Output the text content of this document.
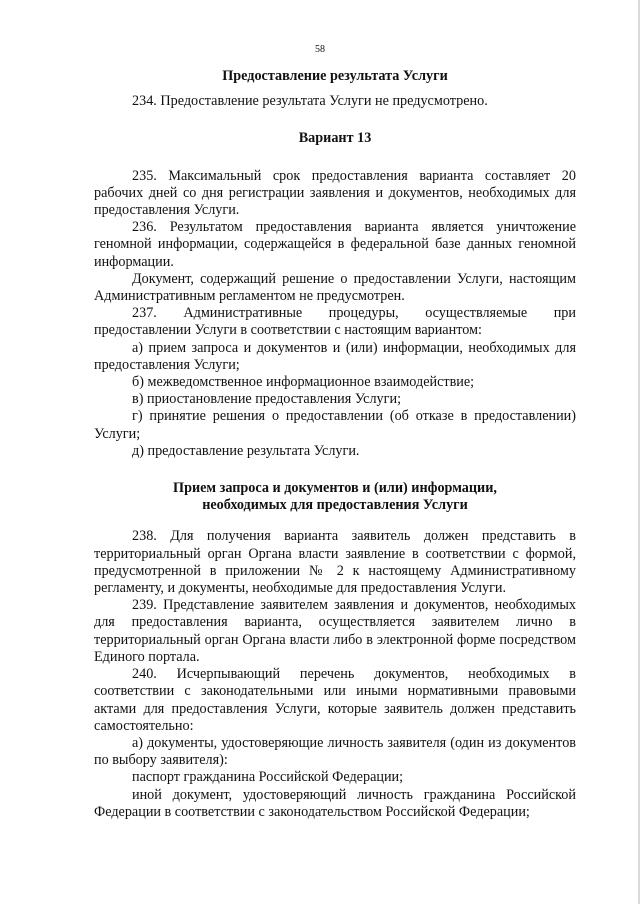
58
Предоставление результата Услуги

234. Предоставление результата Услуги не предусмотрено.

Вариант 13

235. Максимальный срок предоставления варианта составляет 20 рабочих дней со дня регистрации заявления и документов, необходимых для предоставления Услуги.

236. Результатом предоставления варианта является уничтожение геномной информации, содержащейся в федеральной базе данных геномной информации.

Документ, содержащий решение о предоставлении Услуги, настоящим Административным регламентом не предусмотрен.

237. Административные процедуры, осуществляемые при предоставлении Услуги в соответствии с настоящим вариантом:

а) прием запроса и документов и (или) информации, необходимых для предоставления Услуги;

б) межведомственное информационное взаимодействие;

в) приостановление предоставления Услуги;

г) принятие решения о предоставлении (об отказе в предоставлении) Услуги;

д) предоставление результата Услуги.

Прием запроса и документов и (или) информации,
необходимых для предоставления Услуги

238. Для получения варианта заявитель должен представить в территориальный орган Органа власти заявление в соответствии с формой, предусмотренной в приложении № 2 к настоящему Административному регламенту, и документы, необходимые для предоставления Услуги.

239. Представление заявителем заявления и документов, необходимых для предоставления варианта, осуществляется заявителем лично в территориальный орган Органа власти либо в электронной форме посредством Единого портала.

240. Исчерпывающий перечень документов, необходимых в соответствии с законодательными или иными нормативными правовыми актами для предоставления Услуги, которые заявитель должен представить самостоятельно:

а) документы, удостоверяющие личность заявителя (один из документов по выбору заявителя):

паспорт гражданина Российской Федерации;

иной документ, удостоверяющий личность гражданина Российской Федерации в соответствии с законодательством Российской Федерации;
